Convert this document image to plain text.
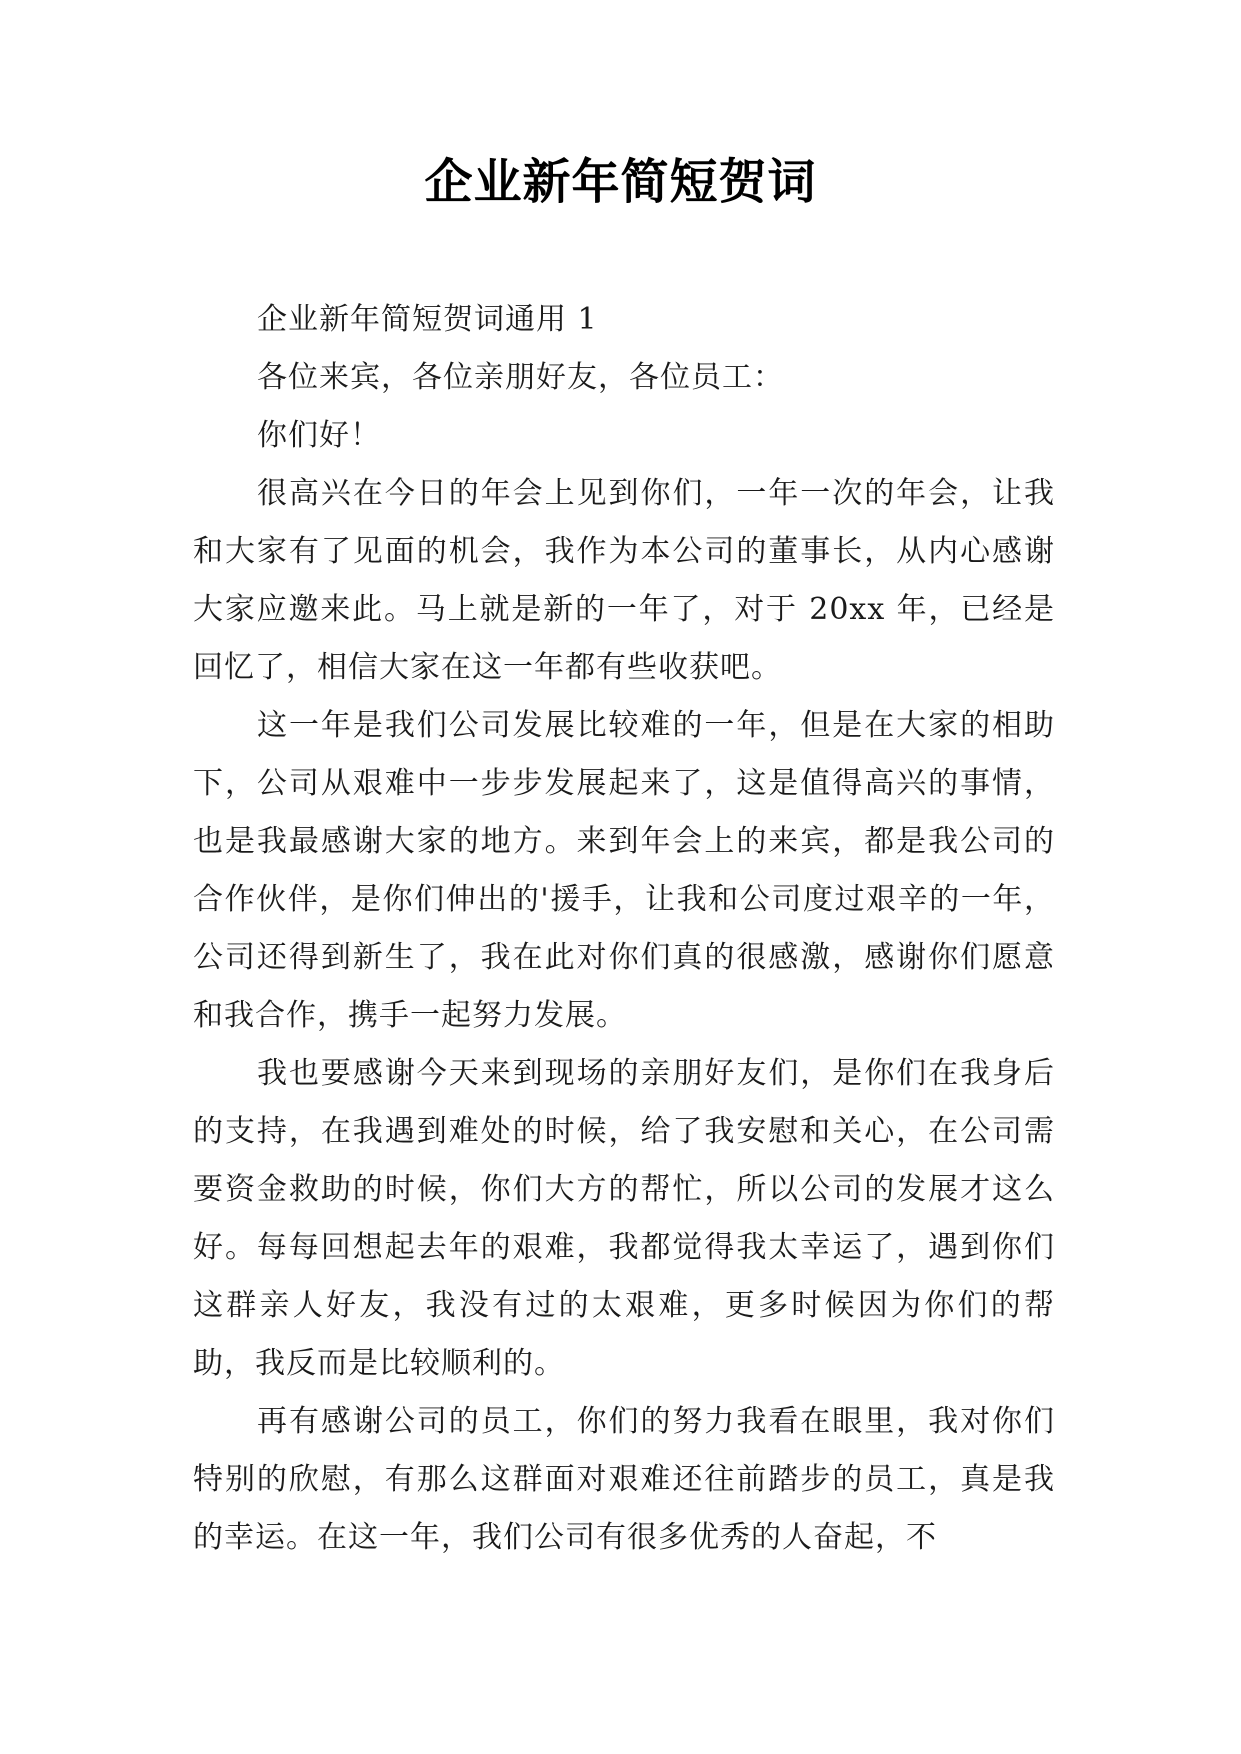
企业新年简短贺词

企业新年简短贺词通用 1

各位来宾，各位亲朋好友，各位员工：

你们好！

很高兴在今日的年会上见到你们，一年一次的年会，让我和大家有了见面的机会，我作为本公司的董事长，从内心感谢大家应邀来此。马上就是新的一年了，对于 20xx 年，已经是回忆了，相信大家在这一年都有些收获吧。

这一年是我们公司发展比较难的一年，但是在大家的相助下，公司从艰难中一步步发展起来了，这是值得高兴的事情，也是我最感谢大家的地方。来到年会上的来宾，都是我公司的合作伙伴，是你们伸出的'援手，让我和公司度过艰辛的一年，公司还得到新生了，我在此对你们真的很感激，感谢你们愿意和我合作，携手一起努力发展。

我也要感谢今天来到现场的亲朋好友们，是你们在我身后的支持，在我遇到难处的时候，给了我安慰和关心，在公司需要资金救助的时候，你们大方的帮忙，所以公司的发展才这么好。每每回想起去年的艰难，我都觉得我太幸运了，遇到你们这群亲人好友，我没有过的太艰难，更多时候因为你们的帮助，我反而是比较顺利的。

再有感谢公司的员工，你们的努力我看在眼里，我对你们特别的欣慰，有那么这群面对艰难还往前踏步的员工，真是我的幸运。在这一年，我们公司有很多优秀的人奋起，不
